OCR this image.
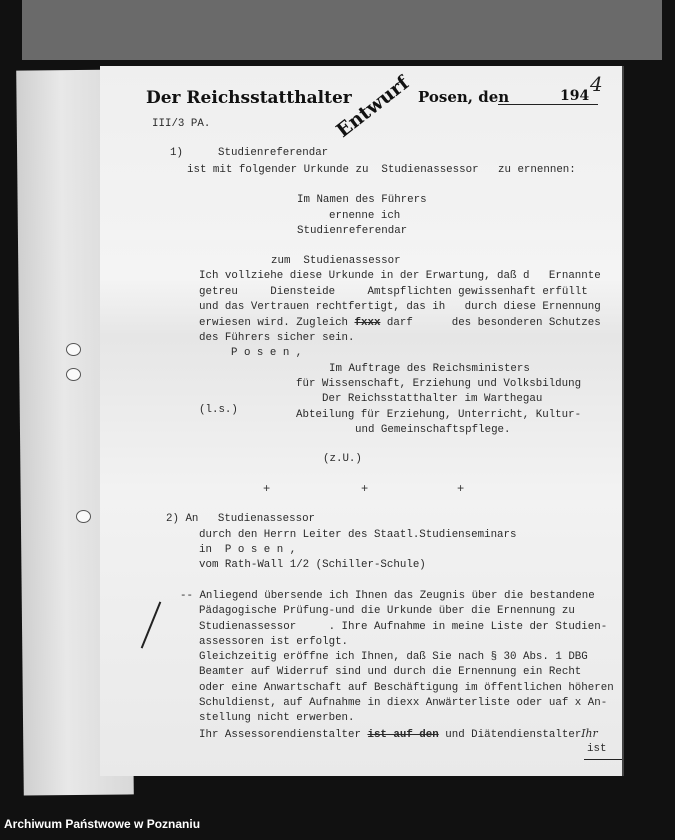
Der Reichsstatthalter
Entwurf Posen, den	194 4
III/3 PA.
1)	Studienreferendar
ist mit folgender Urkunde zu  Studienassessor   zu ernennen:
Im Namen des Führers
ernenne ich
Studienreferendar
zum  Studienassessor
Ich vollziehe diese Urkunde in der Erwartung, daß d   Ernannte
getreu     Diensteide     Amtspflichten gewissenhaft erfüllt
und das Vertrauen rechtfertigt, das ih   durch diese Ernennung
erwiesen wird. Zugleich fxxx darf      des besonderen Schutzes
des Führers sicher sein.
P o s e n ,
Im Auftrage des Reichsministers
für Wissenschaft, Erziehung und Volksbildung
Der Reichsstatthalter im Warthegau
(l.s.)	Abteilung für Erziehung, Unterricht, Kultur-
und Gemeinschaftspflege.
(z.U.)
+	+	+
2) An   Studienassessor
durch den Herrn Leiter des Staatl.Studienseminars
in  P o s e n ,
vom Rath-Wall 1/2 (Schiller-Schule)
-- Anliegend übersende ich Ihnen das Zeugnis über die bestandene
Pädagogische Prüfung-und die Urkunde über die Ernennung zu
Studienassessor     . Ihre Aufnahme in meine Liste der Studien-
assessoren ist erfolgt.
Gleichzeitig eröffne ich Ihnen, daß Sie nach § 30 Abs. 1 DBG
Beamter auf Widerruf sind und durch die Ernennung ein Recht
oder eine Anwartschaft auf Beschäftigung im öffentlichen höheren
Schuldienst, auf Aufnahme in diexx Anwärterliste oder uaf x An-
stellung nicht erwerben.
Ihr Assessorendienstalter ist auf den und DiätendienstalterIhr
ist
Archiwum Państwowe w Poznaniu
